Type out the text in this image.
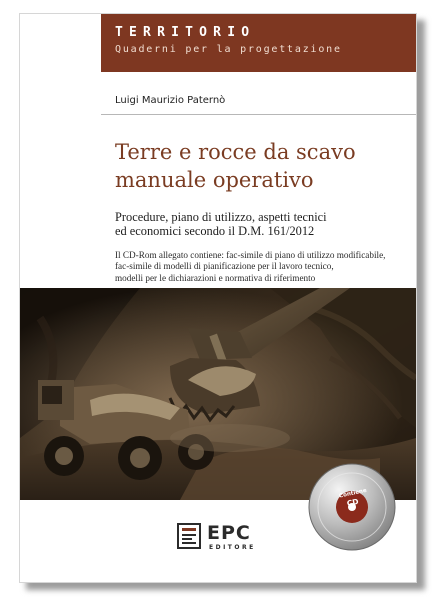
TERRITORIO
Quaderni per la progettazione
Luigi Maurizio Paternò
Terre e rocce da scavo
manuale operativo
Procedure, piano di utilizzo, aspetti tecnici
ed economici secondo il D.M. 161/2012
Il CD-Rom allegato contiene: fac-simile di piano di utilizzo modificabile,
fac-simile di modelli di pianificazione per il lavoro tecnico,
modelli per le dichiarazioni e normativa di riferimento
Contiene
CD
EPC
EDITORE
